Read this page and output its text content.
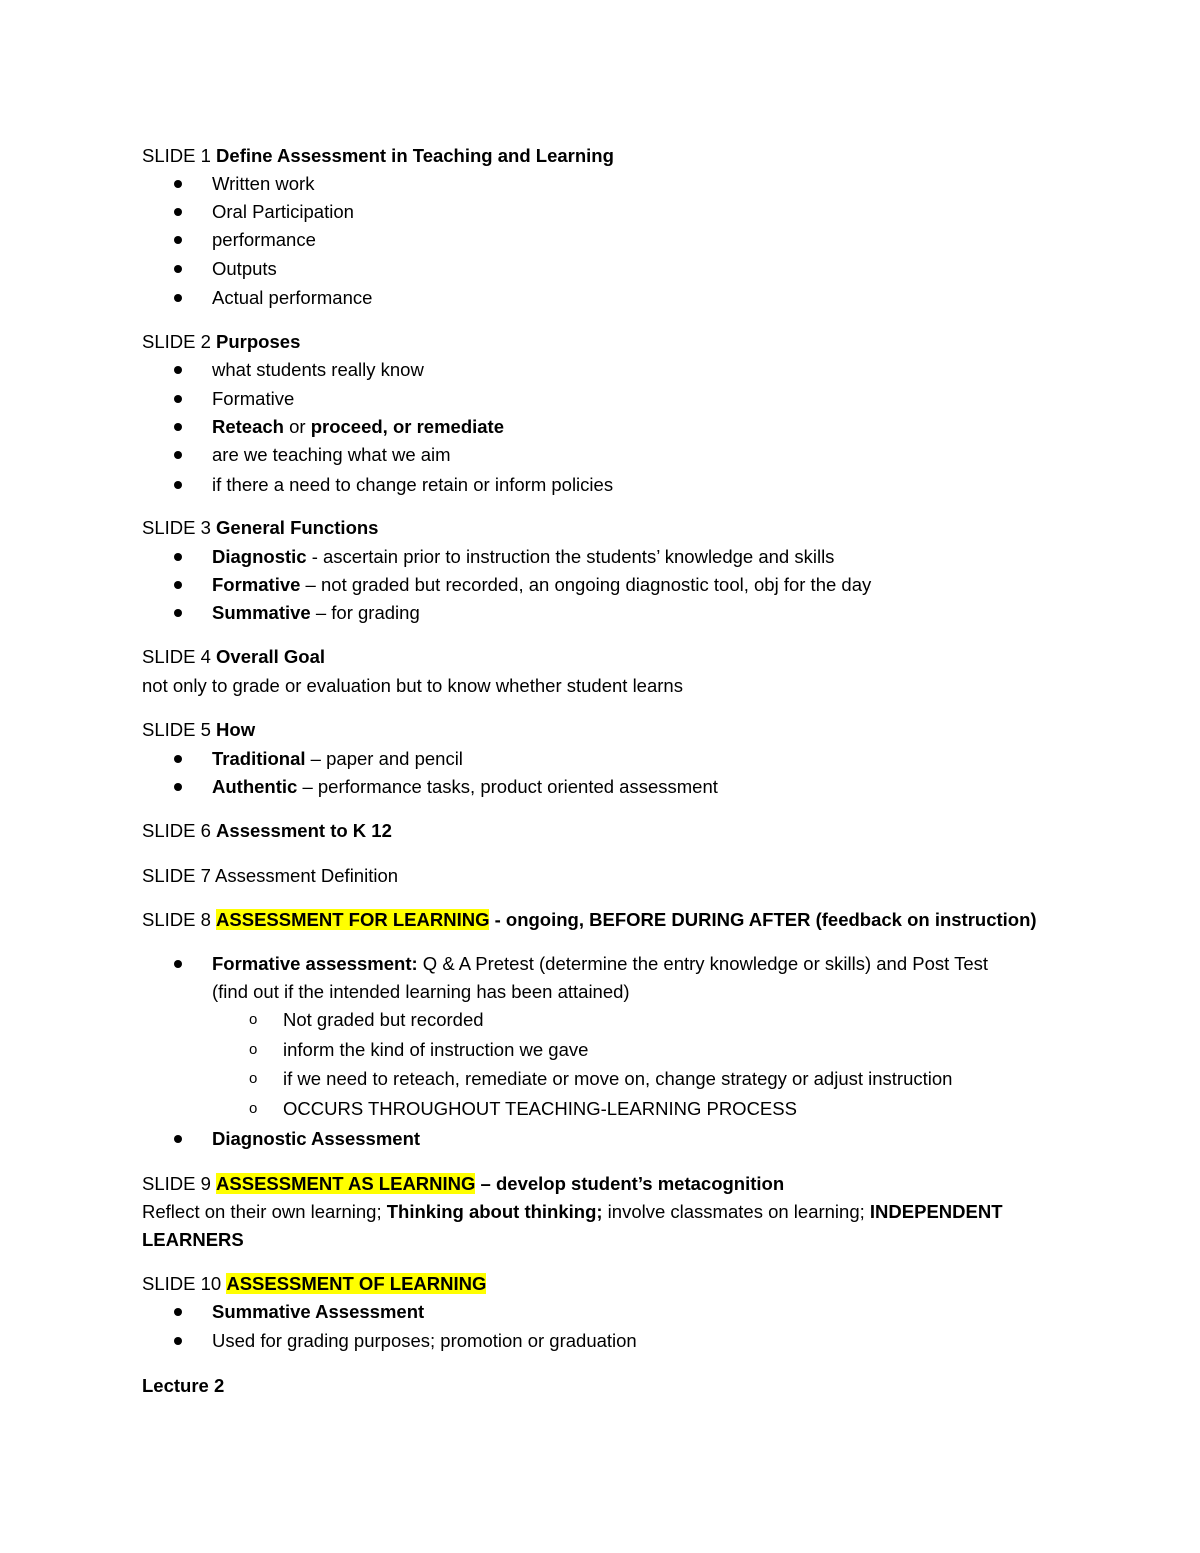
SLIDE 1 Define Assessment in Teaching and Learning
Written work
Oral Participation
performance
Outputs
Actual performance
SLIDE 2 Purposes
what students really know
Formative
Reteach or proceed, or remediate
are we teaching what we aim
if there a need to change retain or inform policies
SLIDE 3 General Functions
Diagnostic - ascertain prior to instruction the students’ knowledge and skills
Formative – not graded but recorded, an ongoing diagnostic tool, obj for the day
Summative – for grading
SLIDE 4 Overall Goal
not only to grade or evaluation but to know whether student learns
SLIDE 5 How
Traditional – paper and pencil
Authentic – performance tasks, product oriented assessment
SLIDE 6 Assessment to K 12
SLIDE 7 Assessment Definition
SLIDE 8 ASSESSMENT FOR LEARNING - ongoing, BEFORE DURING AFTER (feedback on instruction)
Formative assessment: Q & A Pretest (determine the entry knowledge or skills) and Post Test
(find out if the intended learning has been attained)
o Not graded but recorded
o inform the kind of instruction we gave
o if we need to reteach, remediate or move on, change strategy or adjust instruction
o OCCURS THROUGHOUT TEACHING-LEARNING PROCESS
Diagnostic Assessment
SLIDE 9 ASSESSMENT AS LEARNING – develop student’s metacognition
Reflect on their own learning; Thinking about thinking; involve classmates on learning; INDEPENDENT
LEARNERS
SLIDE 10 ASSESSMENT OF LEARNING
Summative Assessment
Used for grading purposes; promotion or graduation
Lecture 2
